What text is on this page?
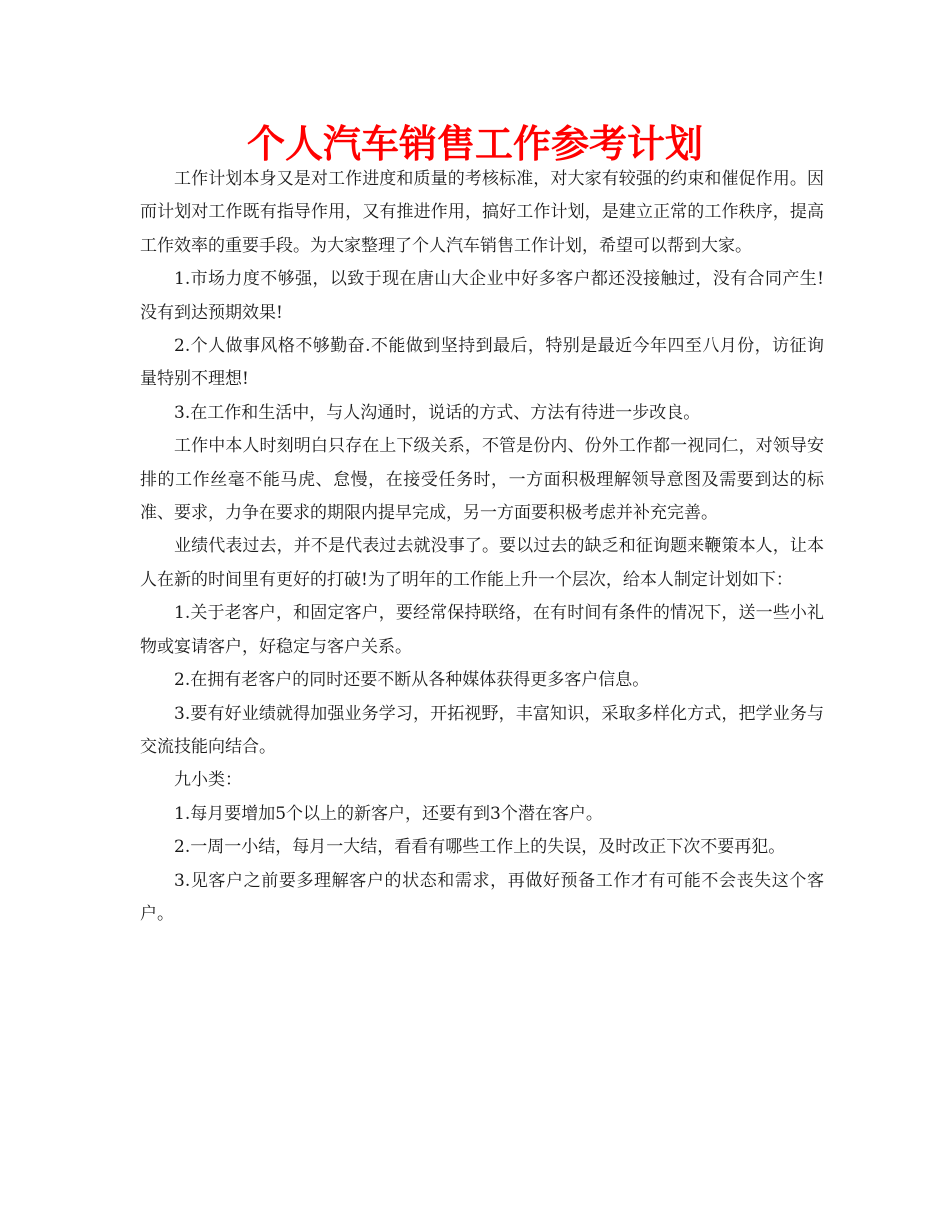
个人汽车销售工作参考计划

工作计划本身又是对工作进度和质量的考核标准，对大家有较强的约束和催促作用。因而计划对工作既有指导作用，又有推进作用，搞好工作计划，是建立正常的工作秩序，提高工作效率的重要手段。为大家整理了个人汽车销售工作计划，希望可以帮到大家。

1.市场力度不够强，以致于现在唐山大企业中好多客户都还没接触过，没有合同产生!没有到达预期效果!

2.个人做事风格不够勤奋.不能做到坚持到最后，特别是最近今年四至八月份，访征询量特别不理想!

3.在工作和生活中，与人沟通时，说话的方式、方法有待进一步改良。

工作中本人时刻明白只存在上下级关系，不管是份内、份外工作都一视同仁，对领导安排的工作丝毫不能马虎、怠慢，在接受任务时，一方面积极理解领导意图及需要到达的标准、要求，力争在要求的期限内提早完成，另一方面要积极考虑并补充完善。

业绩代表过去，并不是代表过去就没事了。要以过去的缺乏和征询题来鞭策本人，让本人在新的时间里有更好的打破!为了明年的工作能上升一个层次，给本人制定计划如下：

1.关于老客户，和固定客户，要经常保持联络，在有时间有条件的情况下，送一些小礼物或宴请客户，好稳定与客户关系。

2.在拥有老客户的同时还要不断从各种媒体获得更多客户信息。

3.要有好业绩就得加强业务学习，开拓视野，丰富知识，采取多样化方式，把学业务与交流技能向结合。

九小类：

1.每月要增加5个以上的新客户，还要有到3个潜在客户。

2.一周一小结，每月一大结，看看有哪些工作上的失误，及时改正下次不要再犯。

3.见客户之前要多理解客户的状态和需求，再做好预备工作才有可能不会丧失这个客户。
